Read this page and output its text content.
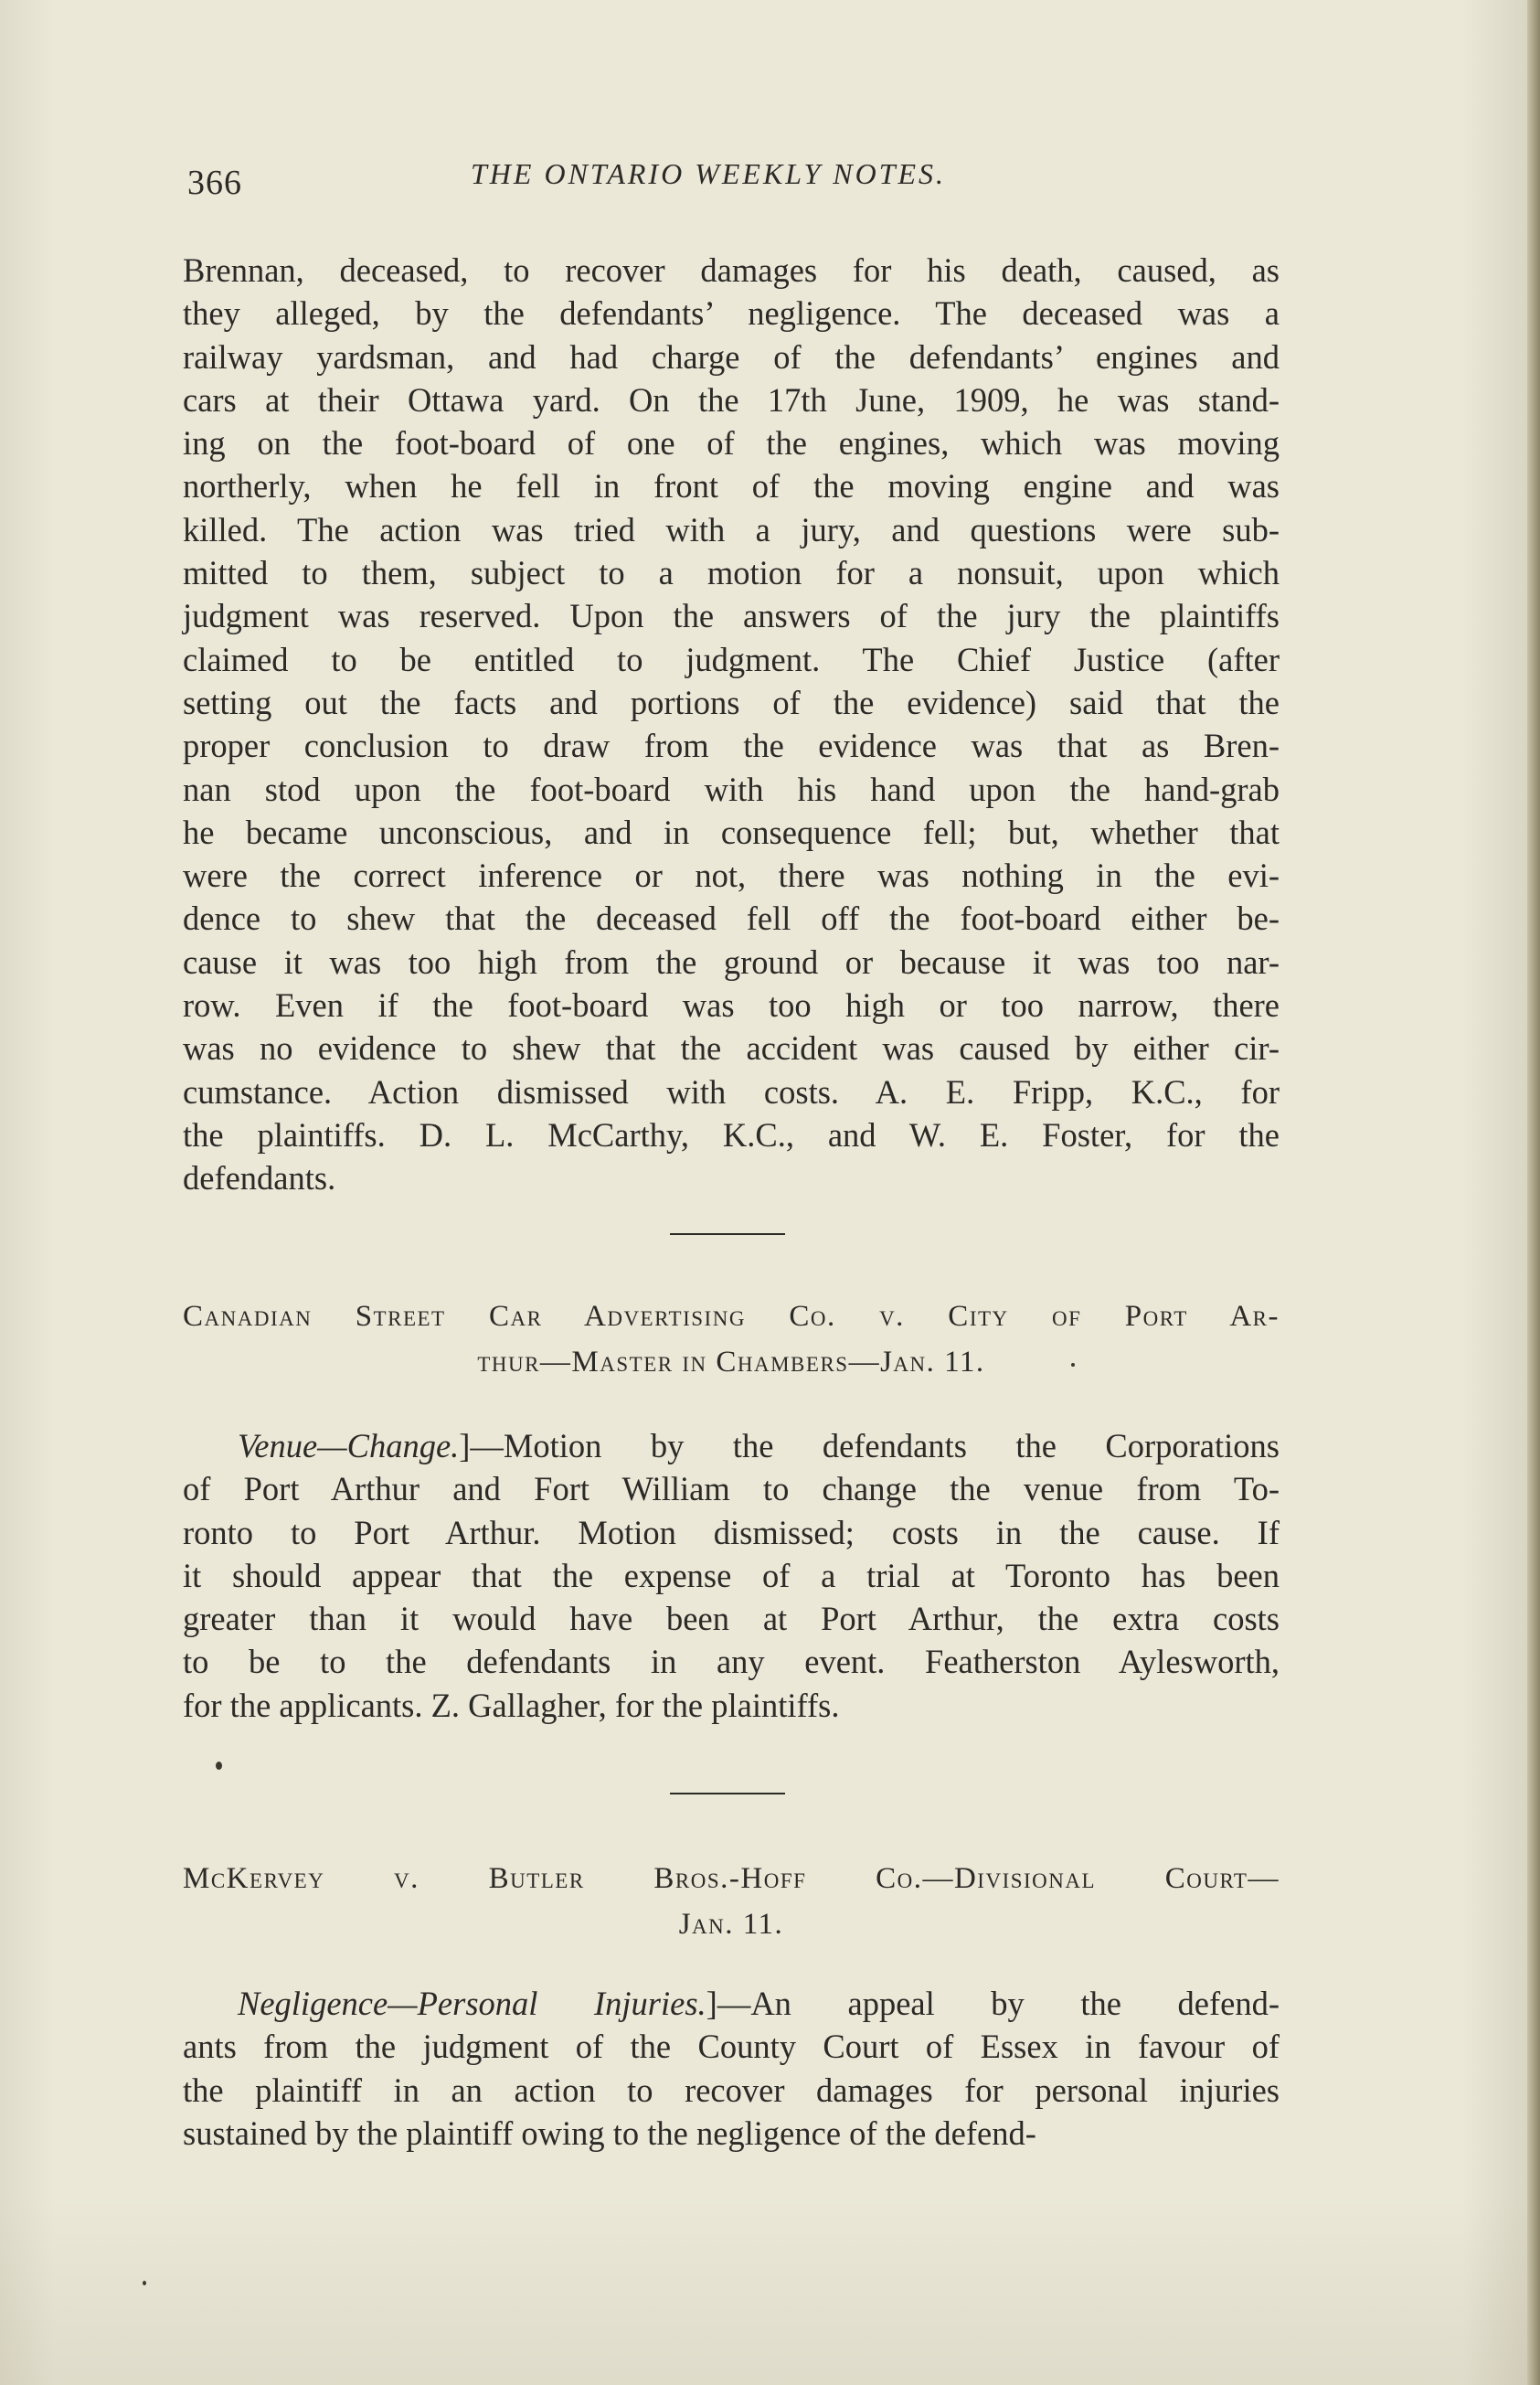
366	THE ONTARIO WEEKLY NOTES.
Brennan, deceased, to recover damages for his death, caused, as
they alleged, by the defendants’ negligence. The deceased was a
railway yardsman, and had charge of the defendants’ engines and
cars at their Ottawa yard. On the 17th June, 1909, he was stand-
ing on the foot-board of one of the engines, which was moving
northerly, when he fell in front of the moving engine and was
killed. The action was tried with a jury, and questions were sub-
mitted to them, subject to a motion for a nonsuit, upon which
judgment was reserved. Upon the answers of the jury the plaintiffs
claimed to be entitled to judgment. The Chief Justice (after
setting out the facts and portions of the evidence) said that the
proper conclusion to draw from the evidence was that as Bren-
nan stod upon the foot-board with his hand upon the hand-grab
he became unconscious, and in consequence fell; but, whether that
were the correct inference or not, there was nothing in the evi-
dence to shew that the deceased fell off the foot-board either be-
cause it was too high from the ground or because it was too nar-
row. Even if the foot-board was too high or too narrow, there
was no evidence to shew that the accident was caused by either cir-
cumstance. Action dismissed with costs. A. E. Fripp, K.C., for
the plaintiffs. D. L. McCarthy, K.C., and W. E. Foster, for the
defendants.
Canadian Street Car Advertising Co. v. City of Port Ar-
thur—Master in Chambers—Jan. 11.
Venue—Change.]—Motion by the defendants the Corporations
of Port Arthur and Fort William to change the venue from To-
ronto to Port Arthur. Motion dismissed; costs in the cause. If
it should appear that the expense of a trial at Toronto has been
greater than it would have been at Port Arthur, the extra costs
to be to the defendants in any event. Featherston Aylesworth,
for the applicants. Z. Gallagher, for the plaintiffs.
McKervey v. Butler Bros.-Hoff Co.—Divisional Court—
Jan. 11.
Negligence—Personal Injuries.]—An appeal by the defend-
ants from the judgment of the County Court of Essex in favour of
the plaintiff in an action to recover damages for personal injuries
sustained by the plaintiff owing to the negligence of the defend-
